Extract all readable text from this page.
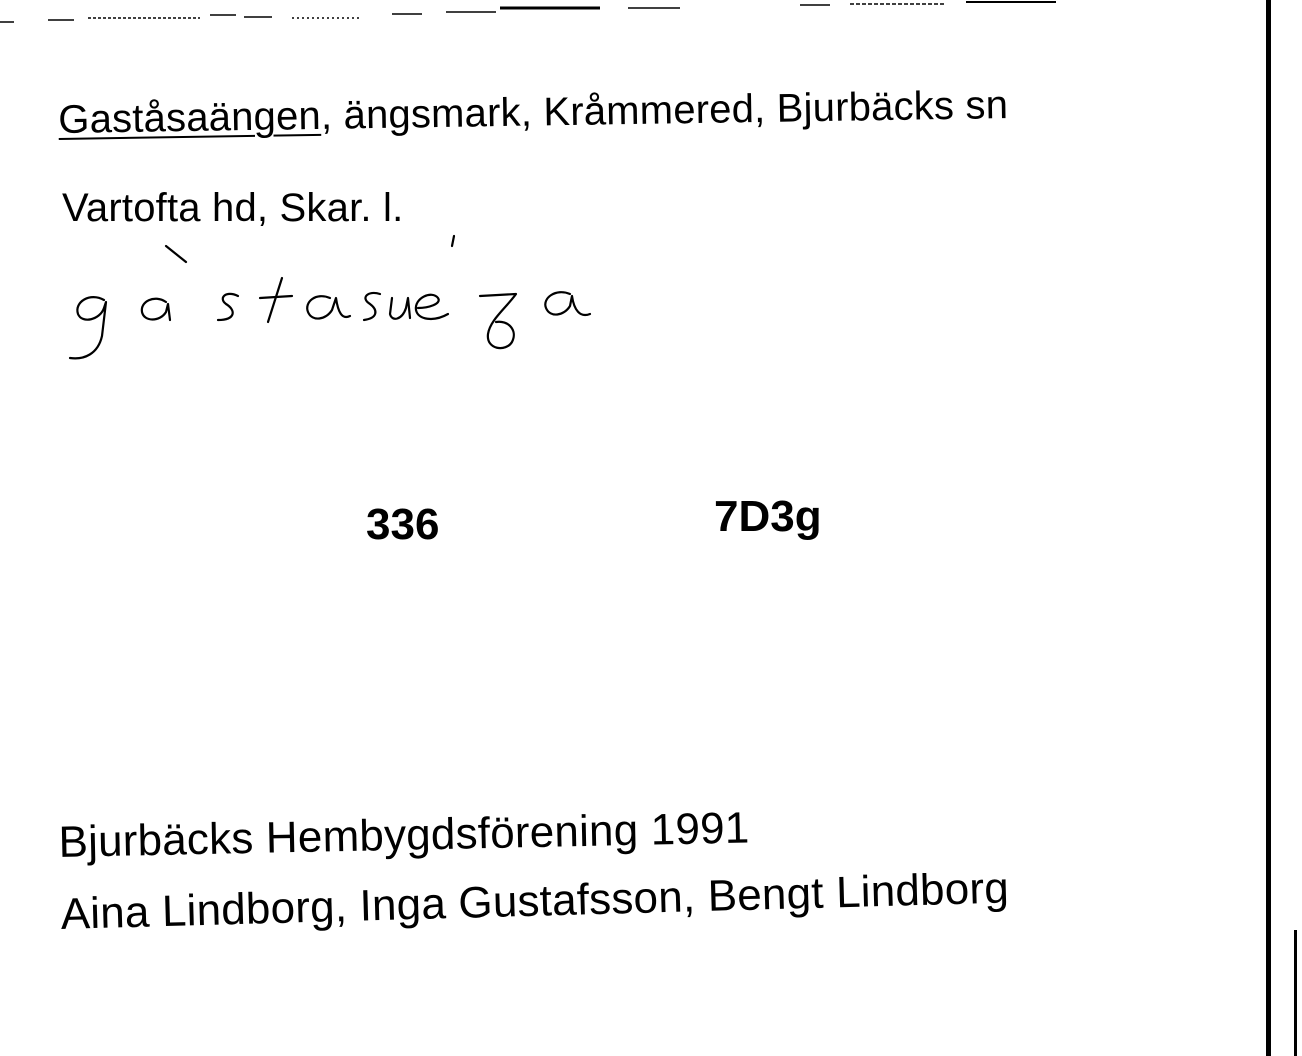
Gaståsaängen, ängsmark, Kråmmered, Bjurbäcks sn
Vartofta hd, Skar. l.
336	7D3g
Bjurbäcks Hembygdsförening 1991
Aina Lindborg, Inga Gustafsson, Bengt Lindborg
